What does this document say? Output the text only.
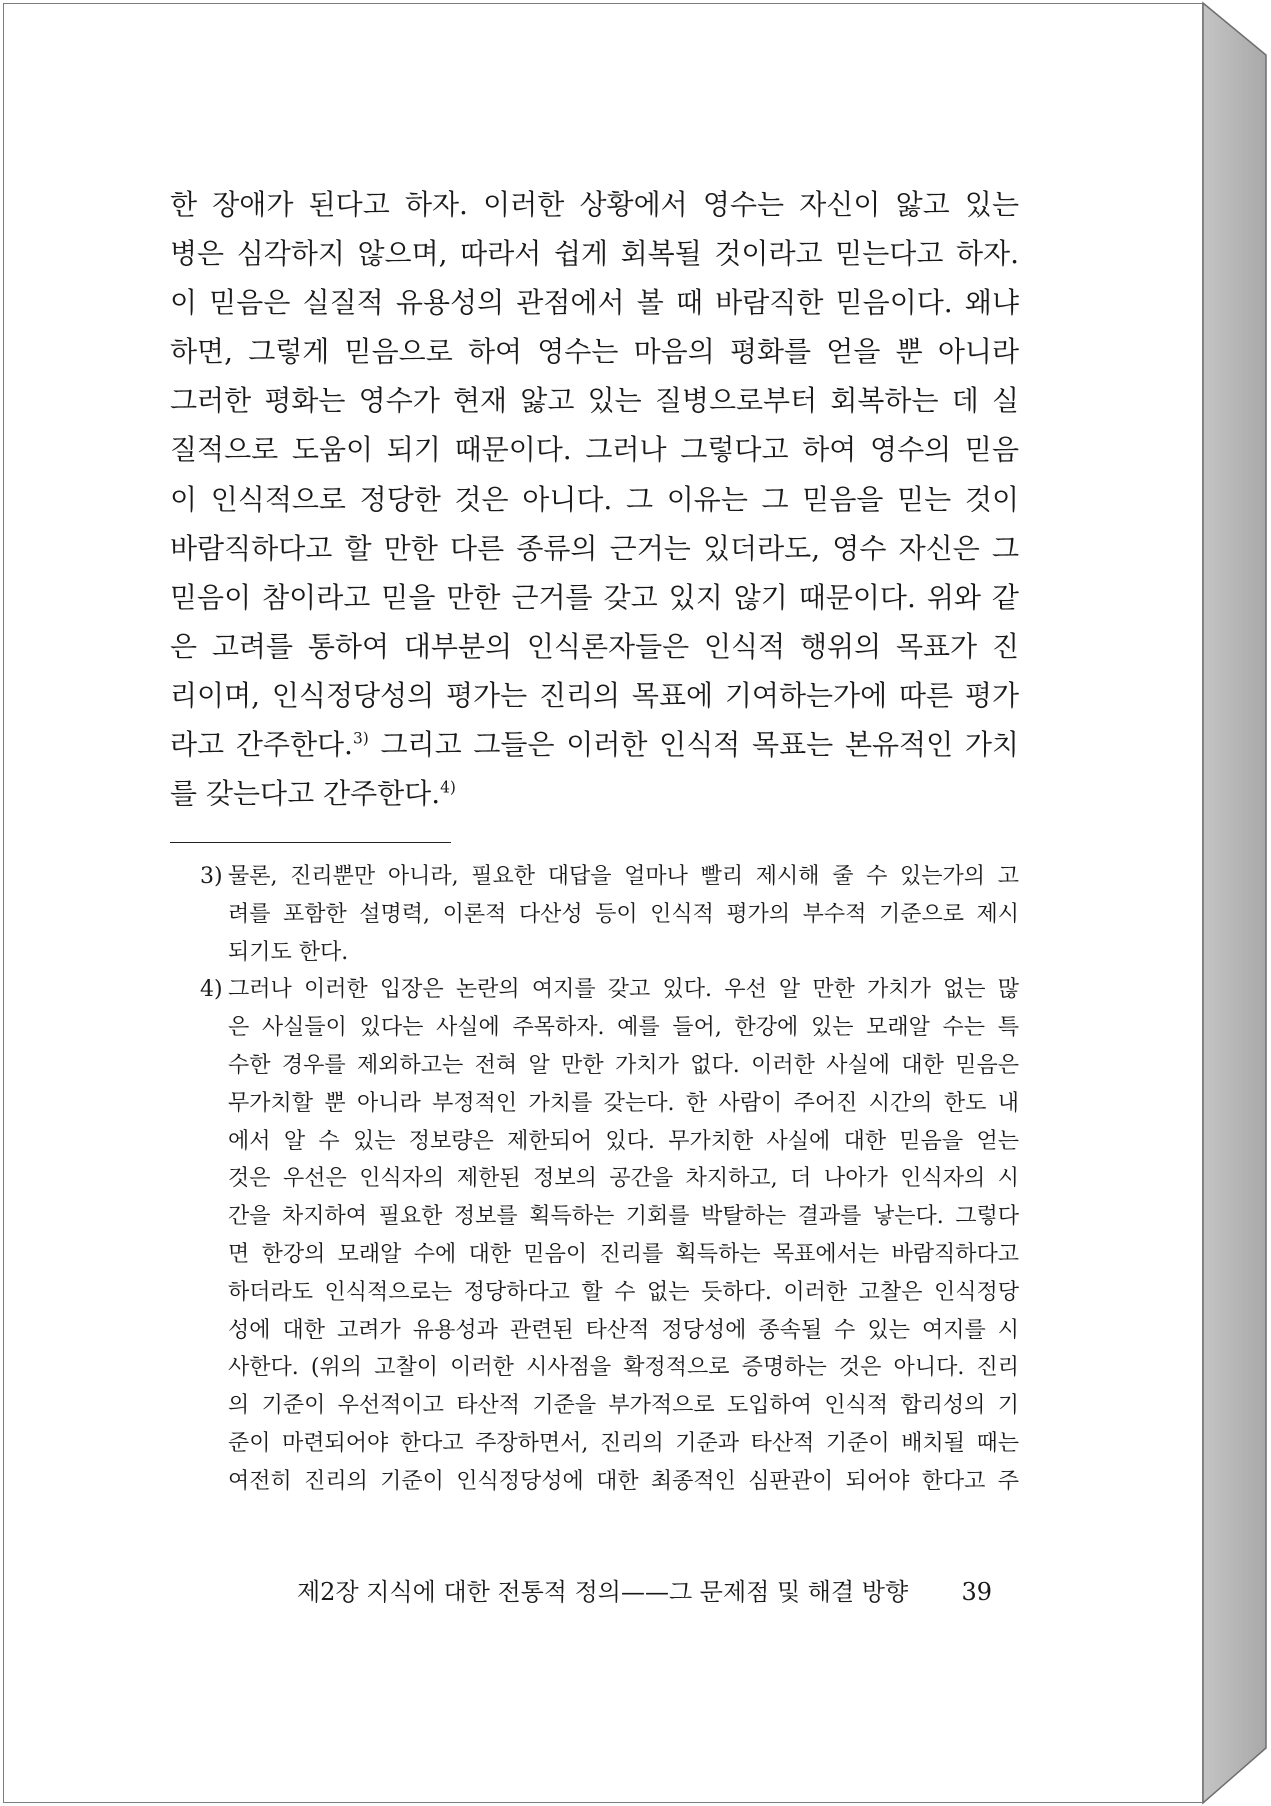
한 장애가 된다고 하자. 이러한 상황에서 영수는 자신이 앓고 있는
병은 심각하지 않으며, 따라서 쉽게 회복될 것이라고 믿는다고 하자.
이 믿음은 실질적 유용성의 관점에서 볼 때 바람직한 믿음이다. 왜냐
하면, 그렇게 믿음으로 하여 영수는 마음의 평화를 얻을 뿐 아니라
그러한 평화는 영수가 현재 앓고 있는 질병으로부터 회복하는 데 실
질적으로 도움이 되기 때문이다. 그러나 그렇다고 하여 영수의 믿음
이 인식적으로 정당한 것은 아니다. 그 이유는 그 믿음을 믿는 것이
바람직하다고 할 만한 다른 종류의 근거는 있더라도, 영수 자신은 그
믿음이 참이라고 믿을 만한 근거를 갖고 있지 않기 때문이다. 위와 같
은 고려를 통하여 대부분의 인식론자들은 인식적 행위의 목표가 진
리이며, 인식정당성의 평가는 진리의 목표에 기여하는가에 따른 평가
라고 간주한다.$^{3)}$ 그리고 그들은 이러한 인식적 목표는 본유적인 가치
를 갖는다고 간주한다.$^{4)}$
3) 물론, 진리뿐만 아니라, 필요한 대답을 얼마나 빨리 제시해 줄 수 있는가의 고
려를 포함한 설명력, 이론적 다산성 등이 인식적 평가의 부수적 기준으로 제시
되기도 한다.
4) 그러나 이러한 입장은 논란의 여지를 갖고 있다. 우선 알 만한 가치가 없는 많
은 사실들이 있다는 사실에 주목하자. 예를 들어, 한강에 있는 모래알 수는 특
수한 경우를 제외하고는 전혀 알 만한 가치가 없다. 이러한 사실에 대한 믿음은
무가치할 뿐 아니라 부정적인 가치를 갖는다. 한 사람이 주어진 시간의 한도 내
에서 알 수 있는 정보량은 제한되어 있다. 무가치한 사실에 대한 믿음을 얻는
것은 우선은 인식자의 제한된 정보의 공간을 차지하고, 더 나아가 인식자의 시
간을 차지하여 필요한 정보를 획득하는 기회를 박탈하는 결과를 낳는다. 그렇다
면 한강의 모래알 수에 대한 믿음이 진리를 획득하는 목표에서는 바람직하다고
하더라도 인식적으로는 정당하다고 할 수 없는 듯하다. 이러한 고찰은 인식정당
성에 대한 고려가 유용성과 관련된 타산적 정당성에 종속될 수 있는 여지를 시
사한다. (위의 고찰이 이러한 시사점을 확정적으로 증명하는 것은 아니다. 진리
의 기준이 우선적이고 타산적 기준을 부가적으로 도입하여 인식적 합리성의 기
준이 마련되어야 한다고 주장하면서, 진리의 기준과 타산적 기준이 배치될 때는
여전히 진리의 기준이 인식정당성에 대한 최종적인 심판관이 되어야 한다고 주
제2장 지식에 대한 전통적 정의——그 문제점 및 해결 방향 39
